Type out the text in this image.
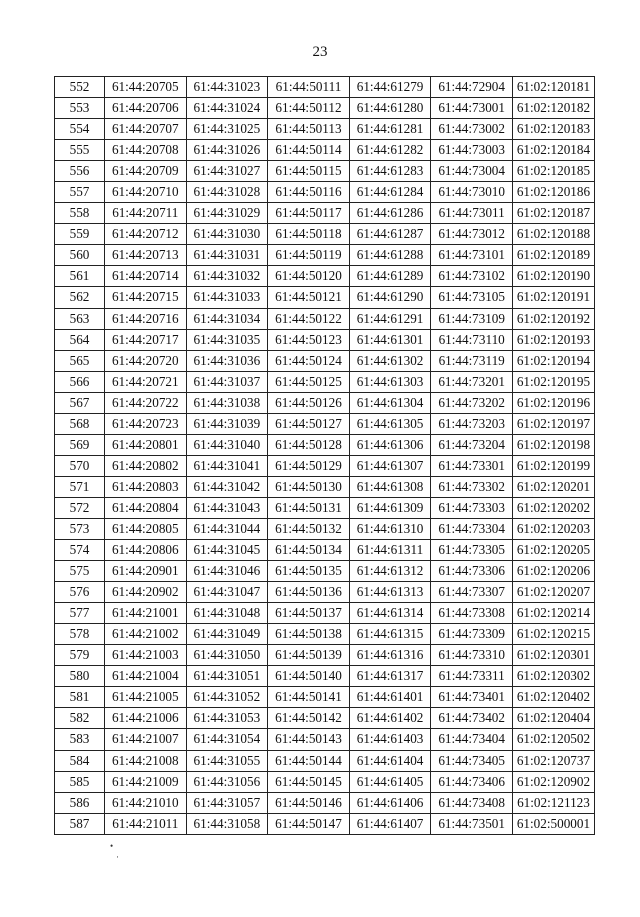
23
552	61:44:20705	61:44:31023	61:44:50111	61:44:61279	61:44:72904	61:02:120181
553	61:44:20706	61:44:31024	61:44:50112	61:44:61280	61:44:73001	61:02:120182
554	61:44:20707	61:44:31025	61:44:50113	61:44:61281	61:44:73002	61:02:120183
555	61:44:20708	61:44:31026	61:44:50114	61:44:61282	61:44:73003	61:02:120184
556	61:44:20709	61:44:31027	61:44:50115	61:44:61283	61:44:73004	61:02:120185
557	61:44:20710	61:44:31028	61:44:50116	61:44:61284	61:44:73010	61:02:120186
558	61:44:20711	61:44:31029	61:44:50117	61:44:61286	61:44:73011	61:02:120187
559	61:44:20712	61:44:31030	61:44:50118	61:44:61287	61:44:73012	61:02:120188
560	61:44:20713	61:44:31031	61:44:50119	61:44:61288	61:44:73101	61:02:120189
561	61:44:20714	61:44:31032	61:44:50120	61:44:61289	61:44:73102	61:02:120190
562	61:44:20715	61:44:31033	61:44:50121	61:44:61290	61:44:73105	61:02:120191
563	61:44:20716	61:44:31034	61:44:50122	61:44:61291	61:44:73109	61:02:120192
564	61:44:20717	61:44:31035	61:44:50123	61:44:61301	61:44:73110	61:02:120193
565	61:44:20720	61:44:31036	61:44:50124	61:44:61302	61:44:73119	61:02:120194
566	61:44:20721	61:44:31037	61:44:50125	61:44:61303	61:44:73201	61:02:120195
567	61:44:20722	61:44:31038	61:44:50126	61:44:61304	61:44:73202	61:02:120196
568	61:44:20723	61:44:31039	61:44:50127	61:44:61305	61:44:73203	61:02:120197
569	61:44:20801	61:44:31040	61:44:50128	61:44:61306	61:44:73204	61:02:120198
570	61:44:20802	61:44:31041	61:44:50129	61:44:61307	61:44:73301	61:02:120199
571	61:44:20803	61:44:31042	61:44:50130	61:44:61308	61:44:73302	61:02:120201
572	61:44:20804	61:44:31043	61:44:50131	61:44:61309	61:44:73303	61:02:120202
573	61:44:20805	61:44:31044	61:44:50132	61:44:61310	61:44:73304	61:02:120203
574	61:44:20806	61:44:31045	61:44:50134	61:44:61311	61:44:73305	61:02:120205
575	61:44:20901	61:44:31046	61:44:50135	61:44:61312	61:44:73306	61:02:120206
576	61:44:20902	61:44:31047	61:44:50136	61:44:61313	61:44:73307	61:02:120207
577	61:44:21001	61:44:31048	61:44:50137	61:44:61314	61:44:73308	61:02:120214
578	61:44:21002	61:44:31049	61:44:50138	61:44:61315	61:44:73309	61:02:120215
579	61:44:21003	61:44:31050	61:44:50139	61:44:61316	61:44:73310	61:02:120301
580	61:44:21004	61:44:31051	61:44:50140	61:44:61317	61:44:73311	61:02:120302
581	61:44:21005	61:44:31052	61:44:50141	61:44:61401	61:44:73401	61:02:120402
582	61:44:21006	61:44:31053	61:44:50142	61:44:61402	61:44:73402	61:02:120404
583	61:44:21007	61:44:31054	61:44:50143	61:44:61403	61:44:73404	61:02:120502
584	61:44:21008	61:44:31055	61:44:50144	61:44:61404	61:44:73405	61:02:120737
585	61:44:21009	61:44:31056	61:44:50145	61:44:61405	61:44:73406	61:02:120902
586	61:44:21010	61:44:31057	61:44:50146	61:44:61406	61:44:73408	61:02:121123
587	61:44:21011	61:44:31058	61:44:50147	61:44:61407	61:44:73501	61:02:500001
•
·
